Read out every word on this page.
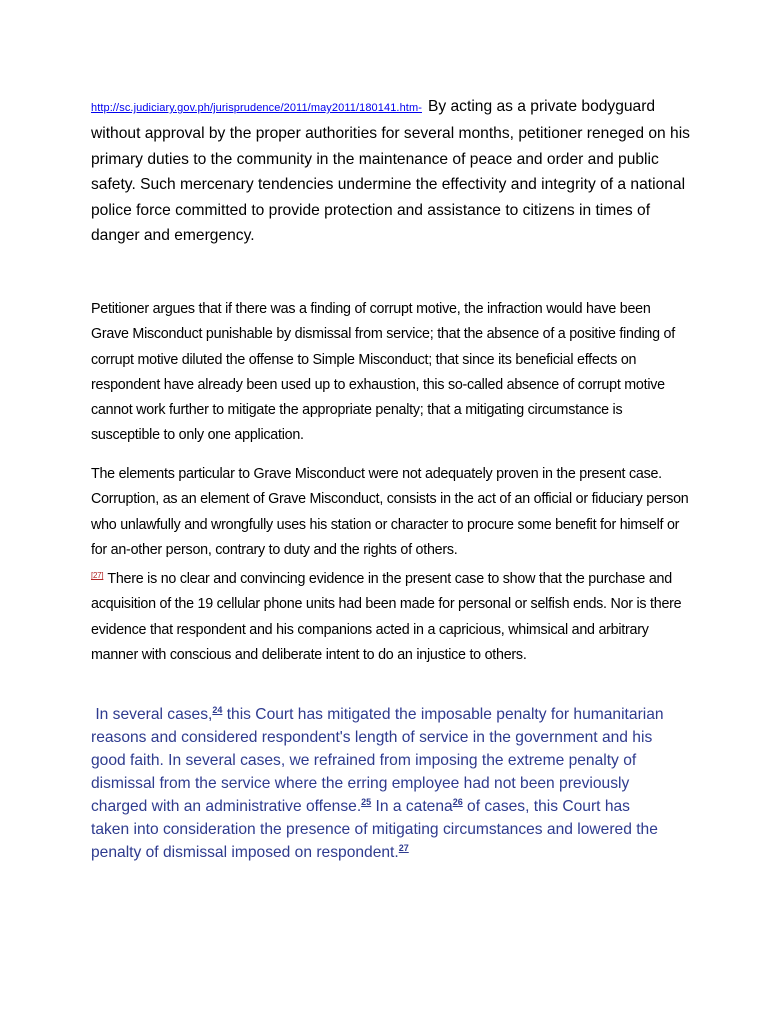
http://sc.judiciary.gov.ph/jurisprudence/2011/may2011/180141.htm- By acting as a private bodyguard without approval by the proper authorities for several months, petitioner reneged on his primary duties to the community in the maintenance of peace and order and public safety. Such mercenary tendencies undermine the effectivity and integrity of a national police force committed to provide protection and assistance to citizens in times of danger and emergency.
Petitioner argues that if there was a finding of corrupt motive, the infraction would have been Grave Misconduct punishable by dismissal from service; that the absence of a positive finding of corrupt motive diluted the offense to Simple Misconduct; that since its beneficial effects on respondent have already been used up to exhaustion, this so-called absence of corrupt motive cannot work further to mitigate the appropriate penalty; that a mitigating circumstance is susceptible to only one application.
The elements particular to Grave Misconduct were not adequately proven in the present case. Corruption, as an element of Grave Misconduct, consists in the act of an official or fiduciary person who unlawfully and wrongfully uses his station or character to procure some benefit for himself or for an-other person, contrary to duty and the rights of others.
[27] There is no clear and convincing evidence in the present case to show that the purchase and acquisition of the 19 cellular phone units had been made for personal or selfish ends. Nor is there evidence that respondent and his companions acted in a capricious, whimsical and arbitrary manner with conscious and deliberate intent to do an injustice to others.
In several cases,$^{24}$ this Court has mitigated the imposable penalty for humanitarian reasons and considered respondent's length of service in the government and his good faith. In several cases, we refrained from imposing the extreme penalty of dismissal from the service where the erring employee had not been previously charged with an administrative offense.$^{25}$ In a catena$^{26}$ of cases, this Court has taken into consideration the presence of mitigating circumstances and lowered the penalty of dismissal imposed on respondent.$^{27}$
